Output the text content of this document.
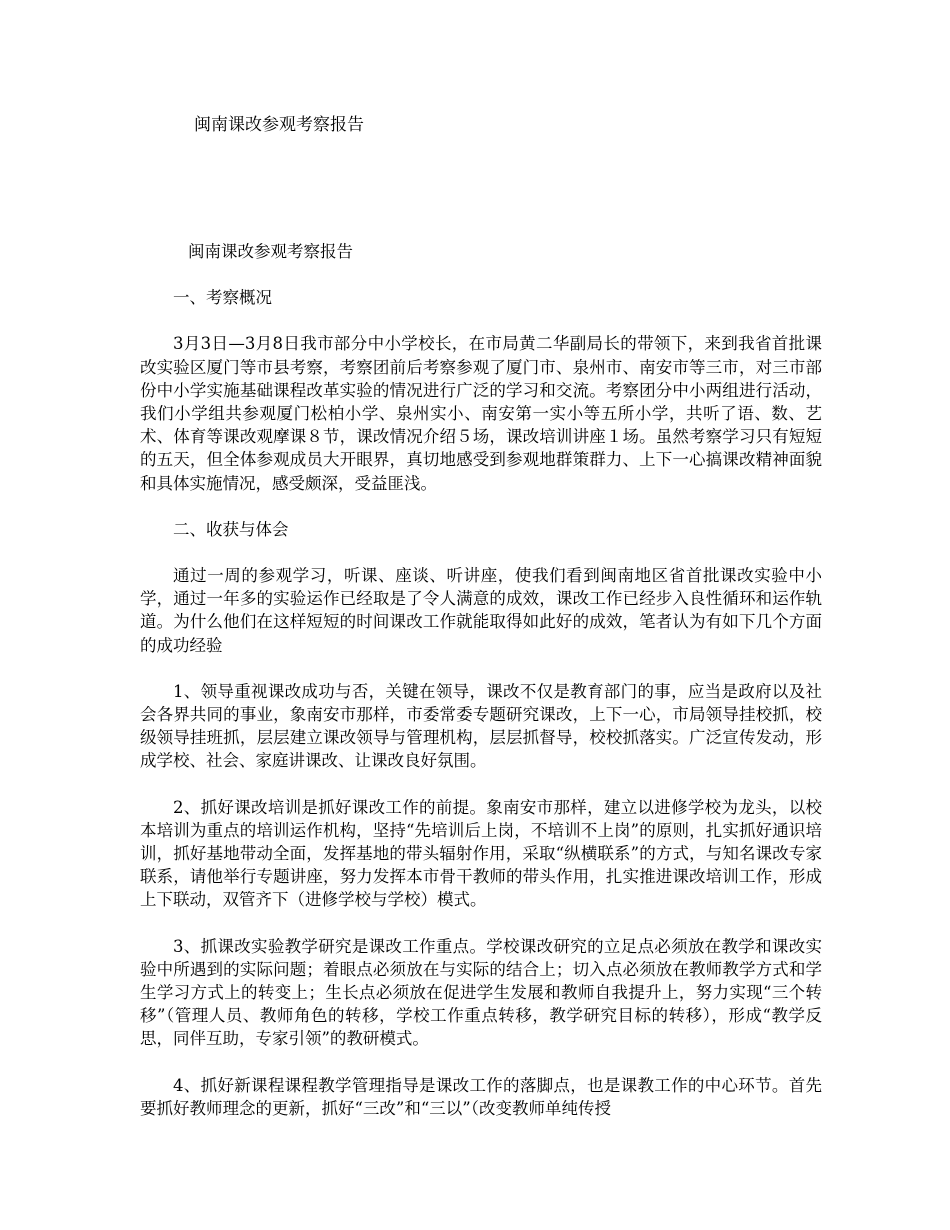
闽南课改参观考察报告

闽南课改参观考察报告

一、考察概况

3月3日—3月8日我市部分中小学校长，在市局黄二华副局长的带领下，来到我省首批课改实验区厦门等市县考察，考察团前后考察参观了厦门市、泉州市、南安市等三市，对三市部份中小学实施基础课程改革实验的情况进行广泛的学习和交流。考察团分中小两组进行活动，我们小学组共参观厦门松柏小学、泉州实小、南安第一实小等五所小学，共听了语、数、艺术、体育等课改观摩课８节，课改情况介绍５场，课改培训讲座１场。虽然考察学习只有短短的五天，但全体参观成员大开眼界，真切地感受到参观地群策群力、上下一心搞课改精神面貌和具体实施情况，感受颇深，受益匪浅。

二、收获与体会

通过一周的参观学习，听课、座谈、听讲座，使我们看到闽南地区省首批课改实验中小学，通过一年多的实验运作已经取是了令人满意的成效，课改工作已经步入良性循环和运作轨道。为什么他们在这样短短的时间课改工作就能取得如此好的成效，笔者认为有如下几个方面的成功经验

1、领导重视课改成功与否，关键在领导，课改不仅是教育部门的事，应当是政府以及社会各界共同的事业，象南安市那样，市委常委专题研究课改，上下一心，市局领导挂校抓，校级领导挂班抓，层层建立课改领导与管理机构，层层抓督导，校校抓落实。广泛宣传发动，形成学校、社会、家庭讲课改、让课改良好氛围。

2、抓好课改培训是抓好课改工作的前提。象南安市那样，建立以进修学校为龙头，以校本培训为重点的培训运作机构，坚持“先培训后上岗，不培训不上岗”的原则，扎实抓好通识培训，抓好基地带动全面，发挥基地的带头辐射作用，采取“纵横联系”的方式，与知名课改专家联系，请他举行专题讲座，努力发挥本市骨干教师的带头作用，扎实推进课改培训工作，形成上下联动，双管齐下（进修学校与学校）模式。

3、抓课改实验教学研究是课改工作重点。学校课改研究的立足点必须放在教学和课改实验中所遇到的实际问题；着眼点必须放在与实际的结合上；切入点必须放在教师教学方式和学生学习方式上的转变上；生长点必须放在促进学生发展和教师自我提升上，努力实现“三个转移”（管理人员、教师角色的转移，学校工作重点转移，教学研究目标的转移），形成“教学反思，同伴互助，专家引领”的教研模式。

4、抓好新课程课程教学管理指导是课改工作的落脚点，也是课教工作的中心环节。首先要抓好教师理念的更新，抓好“三改”和“三以”（改变教师单纯传授
